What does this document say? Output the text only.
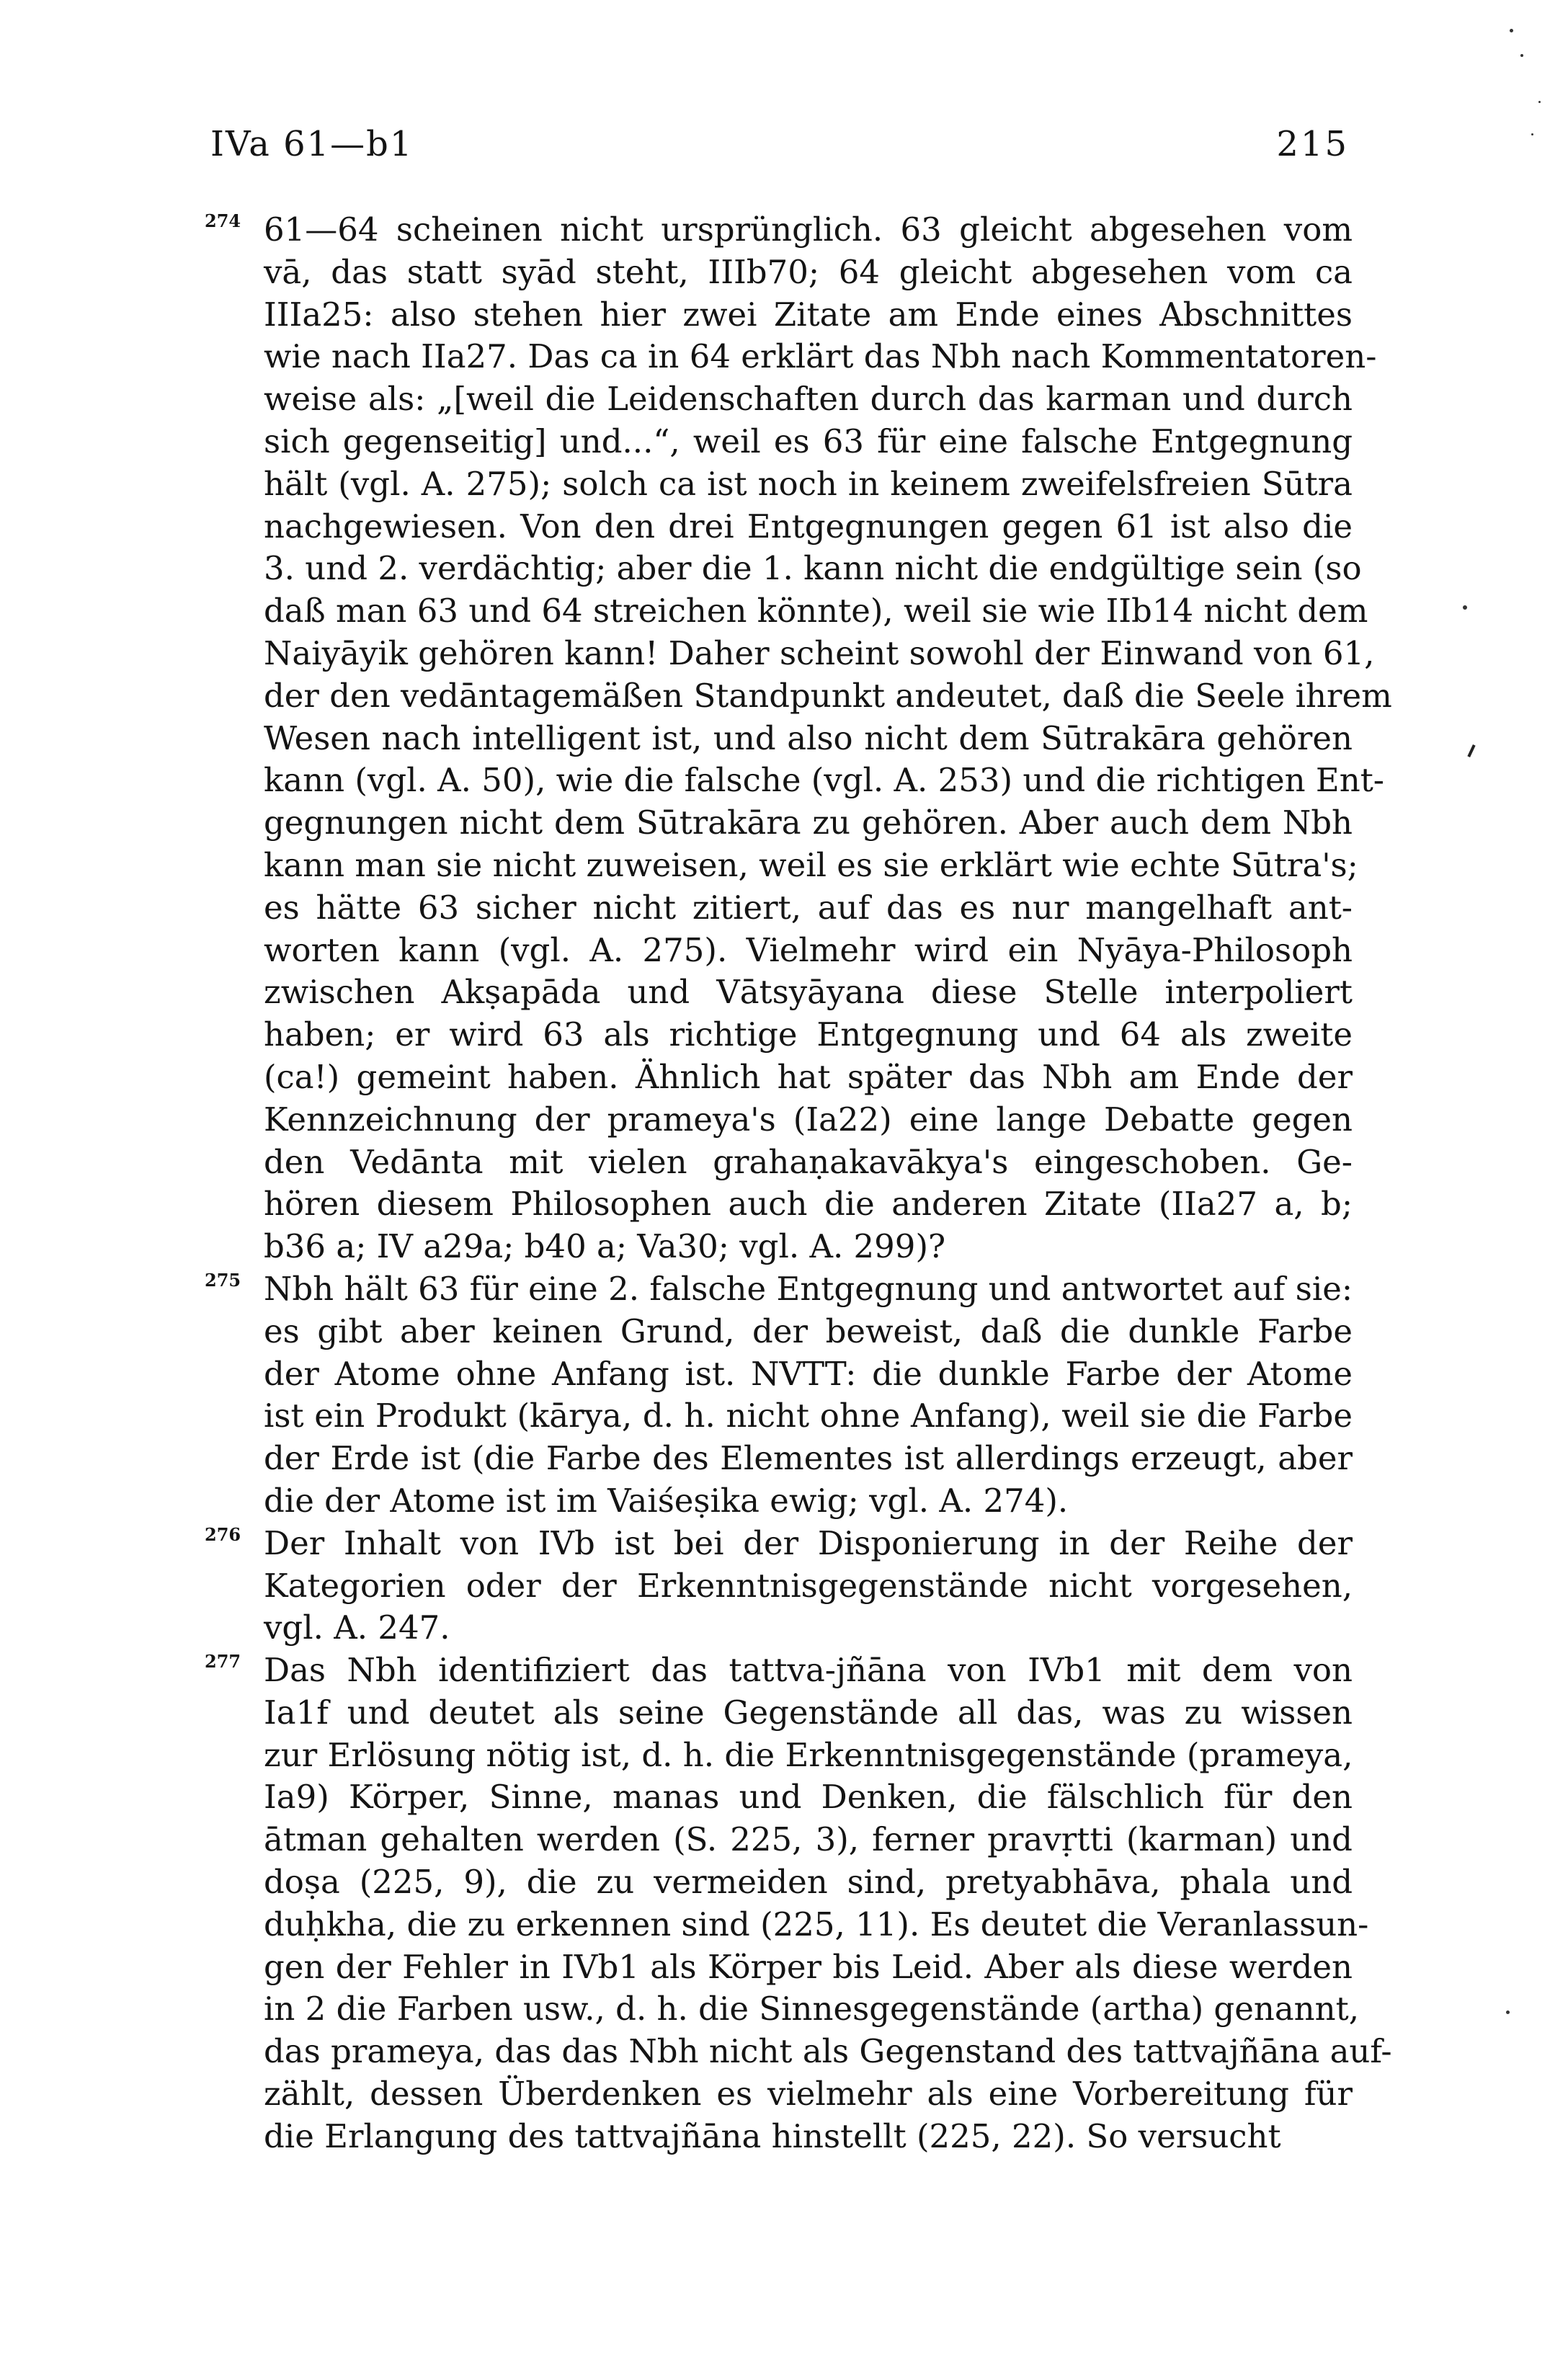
IVa 61—b1	215
274 61—64 scheinen nicht ursprünglich. 63 gleicht abgesehen vom
vā, das statt syād steht, IIIb70; 64 gleicht abgesehen vom ca
IIIa25: also stehen hier zwei Zitate am Ende eines Abschnittes
wie nach IIa27. Das ca in 64 erklärt das Nbh nach Kommentatoren-
weise als: „[weil die Leidenschaften durch das karman und durch
sich gegenseitig] und...“, weil es 63 für eine falsche Entgegnung
hält (vgl. A. 275); solch ca ist noch in keinem zweifelsfreien Sūtra
nachgewiesen. Von den drei Entgegnungen gegen 61 ist also die
3. und 2. verdächtig; aber die 1. kann nicht die endgültige sein (so
daß man 63 und 64 streichen könnte), weil sie wie IIb14 nicht dem
Naiyāyik gehören kann! Daher scheint sowohl der Einwand von 61,
der den vedāntagemäßen Standpunkt andeutet, daß die Seele ihrem
Wesen nach intelligent ist, und also nicht dem Sūtrakāra gehören
kann (vgl. A. 50), wie die falsche (vgl. A. 253) und die richtigen Ent-
gegnungen nicht dem Sūtrakāra zu gehören. Aber auch dem Nbh
kann man sie nicht zuweisen, weil es sie erklärt wie echte Sūtra's;
es hätte 63 sicher nicht zitiert, auf das es nur mangelhaft ant-
worten kann (vgl. A. 275). Vielmehr wird ein Nyāya-Philosoph
zwischen Akṣapāda und Vātsyāyana diese Stelle interpoliert
haben; er wird 63 als richtige Entgegnung und 64 als zweite
(ca!) gemeint haben. Ähnlich hat später das Nbh am Ende der
Kennzeichnung der prameya's (Ia22) eine lange Debatte gegen
den Vedānta mit vielen grahaṇakavākya's eingeschoben. Ge-
hören diesem Philosophen auch die anderen Zitate (IIa27 a, b;
b36 a; IV a29a; b40 a; Va30; vgl. A. 299)?
275 Nbh hält 63 für eine 2. falsche Entgegnung und antwortet auf sie:
es gibt aber keinen Grund, der beweist, daß die dunkle Farbe
der Atome ohne Anfang ist. NVTT: die dunkle Farbe der Atome
ist ein Produkt (kārya, d. h. nicht ohne Anfang), weil sie die Farbe
der Erde ist (die Farbe des Elementes ist allerdings erzeugt, aber
die der Atome ist im Vaiśeṣika ewig; vgl. A. 274).
276 Der Inhalt von IVb ist bei der Disponierung in der Reihe der
Kategorien oder der Erkenntnisgegenstände nicht vorgesehen,
vgl. A. 247.
277 Das Nbh identifiziert das tattva-jñāna von IVb1 mit dem von
Ia1f und deutet als seine Gegenstände all das, was zu wissen
zur Erlösung nötig ist, d. h. die Erkenntnisgegenstände (prameya,
Ia9) Körper, Sinne, manas und Denken, die fälschlich für den
ātman gehalten werden (S. 225, 3), ferner pravṛtti (karman) und
doṣa (225, 9), die zu vermeiden sind, pretyabhāva, phala und
duḥkha, die zu erkennen sind (225, 11). Es deutet die Veranlassun-
gen der Fehler in IVb1 als Körper bis Leid. Aber als diese werden
in 2 die Farben usw., d. h. die Sinnesgegenstände (artha) genannt,
das prameya, das das Nbh nicht als Gegenstand des tattvajñāna auf-
zählt, dessen Überdenken es vielmehr als eine Vorbereitung für
die Erlangung des tattvajñāna hinstellt (225, 22). So versucht
